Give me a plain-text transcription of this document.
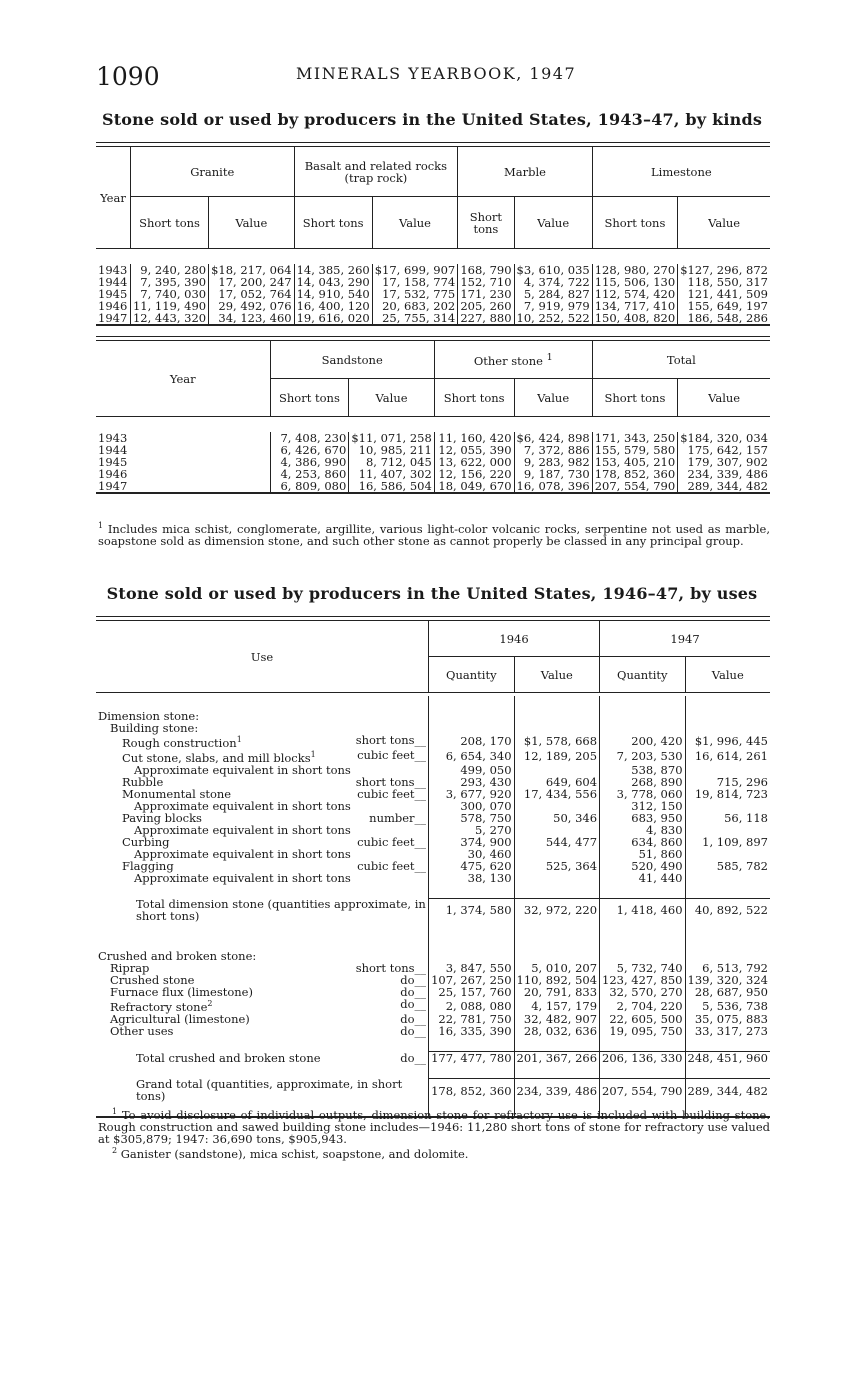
1090	MINERALS YEARBOOK, 1947
Stone sold or used by producers in the United States, 1943–47, by kinds

Year	Granite		Basalt and related rocks (trap rock)		Marble		Limestone	
	Short tons	Value	Short tons	Value	Short tons	Value	Short tons	Value

1943	9, 240, 280	$18, 217, 064	14, 385, 260	$17, 699, 907	168, 790	$3, 610, 035	128, 980, 270	$127, 296, 872
1944	7, 395, 390	17, 200, 247	14, 043, 290	17, 158, 774	152, 710	4, 374, 722	115, 506, 130	118, 550, 317
1945	7, 740, 030	17, 052, 764	14, 910, 540	17, 532, 775	171, 230	5, 284, 827	112, 574, 420	121, 441, 509
1946	11, 119, 490	29, 492, 076	16, 400, 120	20, 683, 202	205, 260	7, 919, 979	134, 717, 410	155, 649, 197
1947	12, 443, 320	34, 123, 460	19, 616, 020	25, 755, 314	227, 880	10, 252, 522	150, 408, 820	186, 548, 286

Year	Sandstone		Other stone $^1$		Total	
	Short tons	Value	Short tons	Value	Short tons	Value

1943	7, 408, 230	$11, 071, 258	11, 160, 420	$6, 424, 898	171, 343, 250	$184, 320, 034
1944	6, 426, 670	10, 985, 211	12, 055, 390	7, 372, 886	155, 579, 580	175, 642, 157
1945	4, 386, 990	8, 712, 045	13, 622, 000	9, 283, 982	153, 405, 210	179, 307, 902
1946	4, 253, 860	11, 407, 302	12, 156, 220	9, 187, 730	178, 852, 360	234, 339, 486
1947	6, 809, 080	16, 586, 504	18, 049, 670	16, 078, 396	207, 554, 790	289, 344, 482

$^1$ Includes mica schist, conglomerate, argillite, various light-color volcanic rocks, serpentine not used as marble, soapstone sold as dimension stone, and such other stone as cannot properly be classed in any principal group.
Stone sold or used by producers in the United States, 1946–47, by uses

Use	1946		1947	
	Quantity	Value	Quantity	Value

Dimension stone:				
Building stone:				
Rough construction$^1$ short tons__	208, 170	$1, 578, 668	200, 420	$1, 996, 445
Cut stone, slabs, and mill blocks$^1$ cubic feet__	6, 654, 340	12, 189, 205	7, 203, 530	16, 614, 261
Approximate equivalent in short tons	499, 050		538, 870	
Rubble short tons__	293, 430	649, 604	268, 890	715, 296
Monumental stone cubic feet__	3, 677, 920	17, 434, 556	3, 778, 060	19, 814, 723
Approximate equivalent in short tons	300, 070		312, 150	
Paving blocks number__	578, 750	50, 346	683, 950	56, 118
Approximate equivalent in short tons	5, 270		4, 830	
Curbing cubic feet__	374, 900	544, 477	634, 860	1, 109, 897
Approximate equivalent in short tons	30, 460		51, 860	
Flagging cubic feet__	475, 620	525, 364	520, 490	585, 782
Approximate equivalent in short tons	38, 130		41, 440	

Total dimension stone (quantities approximate, in short tons)	1, 374, 580	32, 972, 220	1, 418, 460	40, 892, 522

Crushed and broken stone:				
Riprap short tons__	3, 847, 550	5, 010, 207	5, 732, 740	6, 513, 792
Crushed stone do__	107, 267, 250	110, 892, 504	123, 427, 850	139, 320, 324
Furnace flux (limestone) do__	25, 157, 760	20, 791, 833	32, 570, 270	28, 687, 950
Refractory stone$^2$ do__	2, 088, 080	4, 157, 179	2, 704, 220	5, 536, 738
Agricultural (limestone) do__	22, 781, 750	32, 482, 907	22, 605, 500	35, 075, 883
Other uses do__	16, 335, 390	28, 032, 636	19, 095, 750	33, 317, 273

Total crushed and broken stone do__	177, 477, 780	201, 367, 266	206, 136, 330	248, 451, 960

Grand total (quantities, approximate, in short tons)	178, 852, 360	234, 339, 486	207, 554, 790	289, 344, 482

$^1$ To avoid disclosure of individual outputs, dimension stone for refractory use is included with building stone. Rough construction and sawed building stone includes—1946: 11,280 short tons of stone for refractory use valued at $305,879; 1947: 36,690 tons, $905,943.
$^2$ Ganister (sandstone), mica schist, soapstone, and dolomite.
